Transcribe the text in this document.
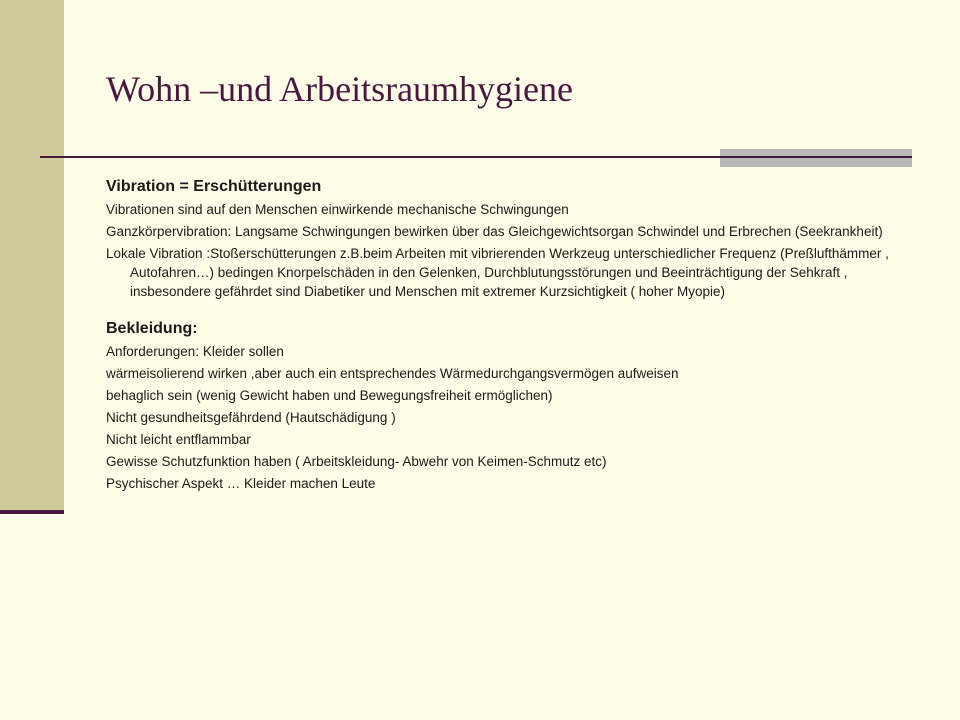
Wohn –und Arbeitsraumhygiene

Vibration = Erschütterungen

Vibrationen sind auf den Menschen einwirkende mechanische Schwingungen

Ganzkörpervibration: Langsame Schwingungen bewirken über das Gleichgewichtsorgan Schwindel und Erbrechen (Seekrankheit)

Lokale Vibration :Stoßerschütterungen z.B.beim Arbeiten mit vibrierenden Werkzeug unterschiedlicher Frequenz (Preßlufthämmer , Autofahren…) bedingen Knorpelschäden in den Gelenken, Durchblutungsstörungen und Beeinträchtigung der Sehkraft , insbesondere gefährdet sind Diabetiker und Menschen mit extremer Kurzsichtigkeit ( hoher Myopie)

Bekleidung:

Anforderungen: Kleider sollen

wärmeisolierend wirken ,aber auch ein entsprechendes Wärmedurchgangsvermögen aufweisen

behaglich sein (wenig Gewicht haben und Bewegungsfreiheit ermöglichen)

Nicht gesundheitsgefährdend (Hautschädigung )

Nicht leicht entflammbar

Gewisse Schutzfunktion haben ( Arbeitskleidung- Abwehr von Keimen-Schmutz etc)

Psychischer Aspekt … Kleider machen Leute
